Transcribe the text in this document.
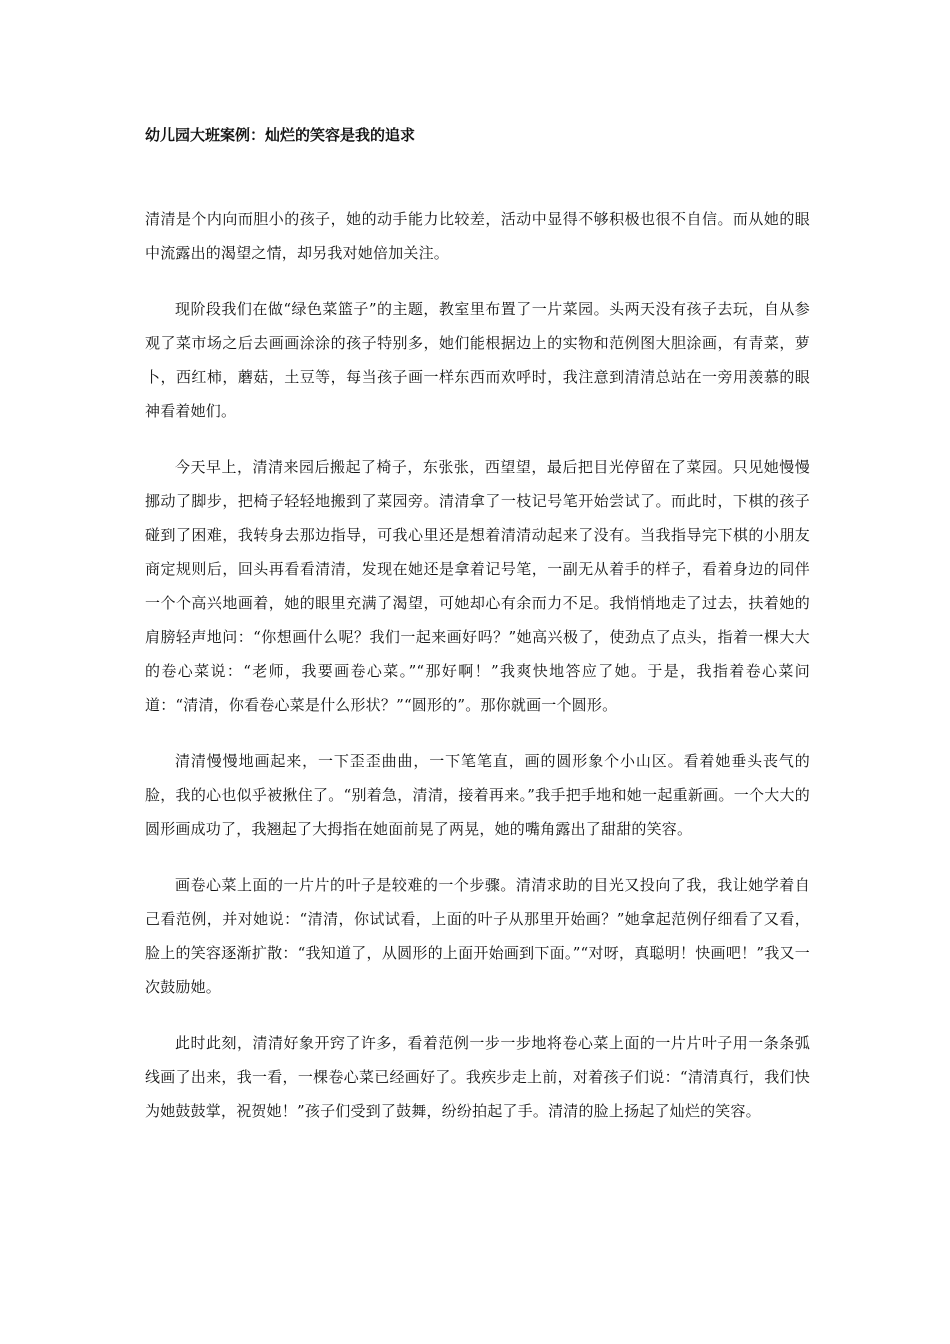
幼儿园大班案例：灿烂的笑容是我的追求

清清是个内向而胆小的孩子，她的动手能力比较差，活动中显得不够积极也很不自信。而从她的眼中流露出的渴望之情，却另我对她倍加关注。

现阶段我们在做“绿色菜篮子”的主题，教室里布置了一片菜园。头两天没有孩子去玩，自从参观了菜市场之后去画画涂涂的孩子特别多，她们能根据边上的实物和范例图大胆涂画，有青菜，萝卜，西红柿，蘑菇，土豆等，每当孩子画一样东西而欢呼时，我注意到清清总站在一旁用羡慕的眼神看着她们。

今天早上，清清来园后搬起了椅子，东张张，西望望，最后把目光停留在了菜园。只见她慢慢挪动了脚步，把椅子轻轻地搬到了菜园旁。清清拿了一枝记号笔开始尝试了。而此时，下棋的孩子碰到了困难，我转身去那边指导，可我心里还是想着清清动起来了没有。当我指导完下棋的小朋友商定规则后，回头再看看清清，发现在她还是拿着记号笔，一副无从着手的样子，看着身边的同伴一个个高兴地画着，她的眼里充满了渴望，可她却心有余而力不足。我悄悄地走了过去，扶着她的肩膀轻声地问：“你想画什么呢？我们一起来画好吗？”她高兴极了，使劲点了点头，指着一棵大大的卷心菜说：“老师，我要画卷心菜。”“那好啊！”我爽快地答应了她。于是，我指着卷心菜问道：“清清，你看卷心菜是什么形状？”“圆形的”。那你就画一个圆形。

清清慢慢地画起来，一下歪歪曲曲，一下笔笔直，画的圆形象个小山区。看着她垂头丧气的脸，我的心也似乎被揪住了。“别着急，清清，接着再来。”我手把手地和她一起重新画。一个大大的圆形画成功了，我翘起了大拇指在她面前晃了两晃，她的嘴角露出了甜甜的笑容。

画卷心菜上面的一片片的叶子是较难的一个步骤。清清求助的目光又投向了我，我让她学着自己看范例，并对她说：“清清，你试试看，上面的叶子从那里开始画？”她拿起范例仔细看了又看，脸上的笑容逐渐扩散：“我知道了，从圆形的上面开始画到下面。”“对呀，真聪明！快画吧！”我又一次鼓励她。

此时此刻，清清好象开窍了许多，看着范例一步一步地将卷心菜上面的一片片叶子用一条条弧线画了出来，我一看，一棵卷心菜已经画好了。我疾步走上前，对着孩子们说：“清清真行，我们快为她鼓鼓掌，祝贺她！”孩子们受到了鼓舞，纷纷拍起了手。清清的脸上扬起了灿烂的笑容。
